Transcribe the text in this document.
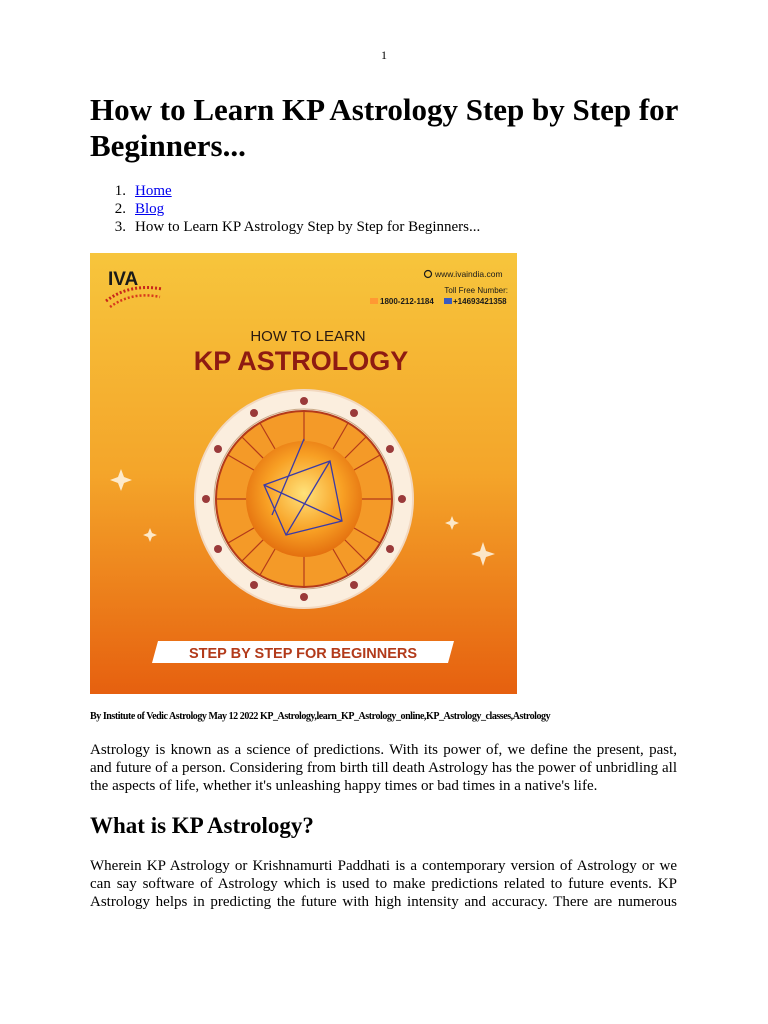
1
How to Learn KP Astrology Step by Step for Beginners...
1. Home
2. Blog
3. How to Learn KP Astrology Step by Step for Beginners...
IVA	www.ivaindia.com
Toll Free Number:
1800-212-1184 +14693421358
HOW TO LEARN
KP ASTROLOGY
STEP BY STEP FOR BEGINNERS
By Institute of Vedic Astrology May 12 2022 KP_Astrology,learn_KP_Astrology_online,KP_Astrology_classes,Astrology

Astrology is known as a science of predictions. With its power of, we define the present, past, and future of a person. Considering from birth till death Astrology has the power of unbridling all the aspects of life, whether it's unleashing happy times or bad times in a native's life.

What is KP Astrology?

Wherein KP Astrology or Krishnamurti Paddhati is a contemporary version of Astrology or we can say software of Astrology which is used to make predictions related to future events. KP Astrology helps in predicting the future with high intensity and accuracy. There are numerous
